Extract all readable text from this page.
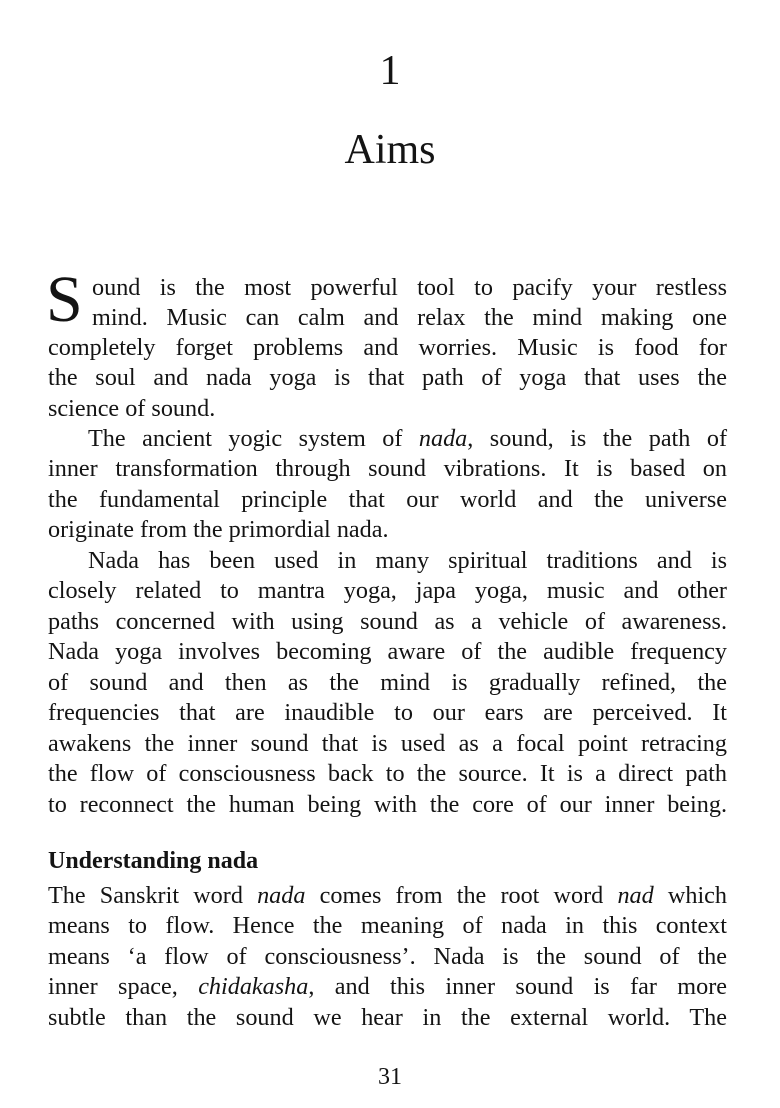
1
Aims
S ound is the most powerful tool to pacify your restless
mind. Music can calm and relax the mind making one
completely forget problems and worries. Music is food for
the soul and nada yoga is that path of yoga that uses the
science of sound.
The ancient yogic system of nada, sound, is the path of
inner transformation through sound vibrations. It is based on
the fundamental principle that our world and the universe
originate from the primordial nada.
Nada has been used in many spiritual traditions and is
closely related to mantra yoga, japa yoga, music and other
paths concerned with using sound as a vehicle of awareness.
Nada yoga involves becoming aware of the audible frequency
of sound and then as the mind is gradually refined, the
frequencies that are inaudible to our ears are perceived. It
awakens the inner sound that is used as a focal point retracing
the flow of consciousness back to the source. It is a direct path
to reconnect the human being with the core of our inner being.
Understanding nada
The Sanskrit word nada comes from the root word nad which
means to flow. Hence the meaning of nada in this context
means ‘a flow of consciousness’. Nada is the sound of the
inner space, chidakasha, and this inner sound is far more
subtle than the sound we hear in the external world. The
31
